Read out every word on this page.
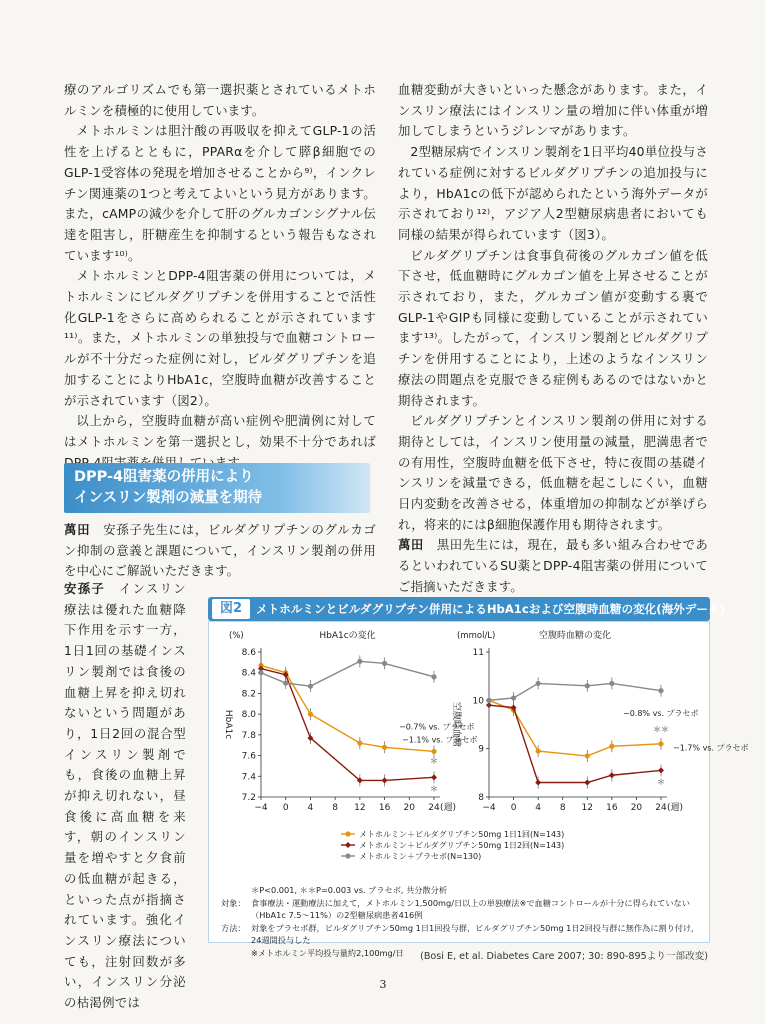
療のアルゴリズムでも第一選択薬とされているメトホルミンを積極的に使用しています。

メトホルミンは胆汁酸の再吸収を抑えてGLP-1の活性を上げるとともに，PPARαを介して膵β細胞でのGLP-1受容体の発現を増加させることから⁹⁾，インクレチン関連薬の1つと考えてよいという見方があります。また，cAMPの減少を介して肝のグルカゴンシグナル伝達を阻害し，肝糖産生を抑制するという報告もなされています¹⁰⁾。

メトホルミンとDPP-4阻害薬の併用については，メトホルミンにビルダグリプチンを併用することで活性化GLP-1をさらに高められることが示されています¹¹⁾。また，メトホルミンの単独投与で血糖コントロールが不十分だった症例に対し，ビルダグリプチンを追加することによりHbA1c，空腹時血糖が改善することが示されています（図2）。

以上から，空腹時血糖が高い症例や肥満例に対してはメトホルミンを第一選択とし，効果不十分であれば

DPP-4阻害薬の併用により
インスリン製剤の減量を期待

萬田　 安孫子先生には，ビルダグリプチンのグルカゴン抑制の意義と課題について，インスリン製剤の併用を中心にご解説いただきます。

安孫子　 インスリン療法は優れた血糖降下作用を示す一方，1日1回の基礎インスリン製剤では食後の血糖上昇を抑え切れないという問題があり，1日2回の混合型インスリン製剤でも，食後の血糖上昇が抑え切れない，昼食後に高血糖を来す，朝のインスリン量を増やすと夕食前の低血糖が起きる，といった点が指摘されています。強化インスリン療法についても，注射回数が多い，インスリン分泌の枯渇例では

血糖変動が大きいといった懸念があります。また，インスリン療法にはインスリン量の増加に伴い体重が増加してしまうというジレンマがあります。

2型糖尿病でインスリン製剤を1日平均40単位投与されている症例に対するビルダグリプチンの追加投与により，HbA1cの低下が認められたという海外データが示されており¹²⁾，アジア人2型糖尿病患者においても同様の結果が得られています（図3）。

ビルダグリプチンは食事負荷後のグルカゴン値を低下させ，低血糖時にグルカゴン値を上昇させることが示されており，また，グルカゴン値が変動する裏でGLP-1やGIPも同様に変動していることが示されています¹³⁾。したがって，インスリン製剤とビルダグリプチンを併用することにより，上述のようなインスリン療法の問題点を克服できる症例もあるのではないかと期待されます。

ビルダグリプチンとインスリン製剤の併用に対する期待としては，インスリン使用量の減量，肥満患者での有用性，空腹時血糖を低下させ，特に夜間の基礎インスリンを減量できる，低血糖を起こしにくい，血糖日内変動を改善させる，体重増加の抑制などが挙げられ，将来的にはβ細胞保護作用も期待されます。

萬田　 黒田先生には，現在，最も多い組み合わせであるといわれているSU薬とDPP-4阻害薬の併用についてご指摘いただきます。

図2	メトホルミンとビルダグリプチン併用によるHbA1cおよび空腹時血糖の変化(海外データ)
HbA1cの変化
(%)
7.2
7.4
7.6
7.8
8.0
8.2
8.4
8.6
−4 0 4 8 12 16 20 24 (週)
HbA1c	−0.7% vs. プラセボ
＊
−1.1% vs. プラセボ
＊
空腹時血糖の変化
(mmol/L)
8
9
10
11
−4 0 4 8 12 16 20 24 (週)
空腹時血糖	−0.8% vs. プラセボ
＊＊
−1.7% vs. プラセボ
＊
メトホルミン＋ビルダグリプチン50mg 1日1回(N=143)
メトホルミン＋ビルダグリプチン50mg 1日2回(N=143)
メトホルミン＋プラセボ(N=130)
＊P<0.001, ＊＊P=0.003 vs. プラセボ, 共分散分析
対象： 食事療法・運動療法に加えて，メトホルミン1,500mg/日以上の単独療法※で血糖コントロールが十分に得られていない（HbA1c 7.5〜11%）の2型糖尿病患者416例
方法： 対象をプラセボ群，ビルダグリプチン50mg 1日1回投与群，ビルダグリプチン50mg 1日2回投与群に無作為に割り付け，24週間投与した
※メトホルミン平均投与量約2,100mg/日	(Bosi E, et al. Diabetes Care 2007; 30: 890-895より一部改変)
3
